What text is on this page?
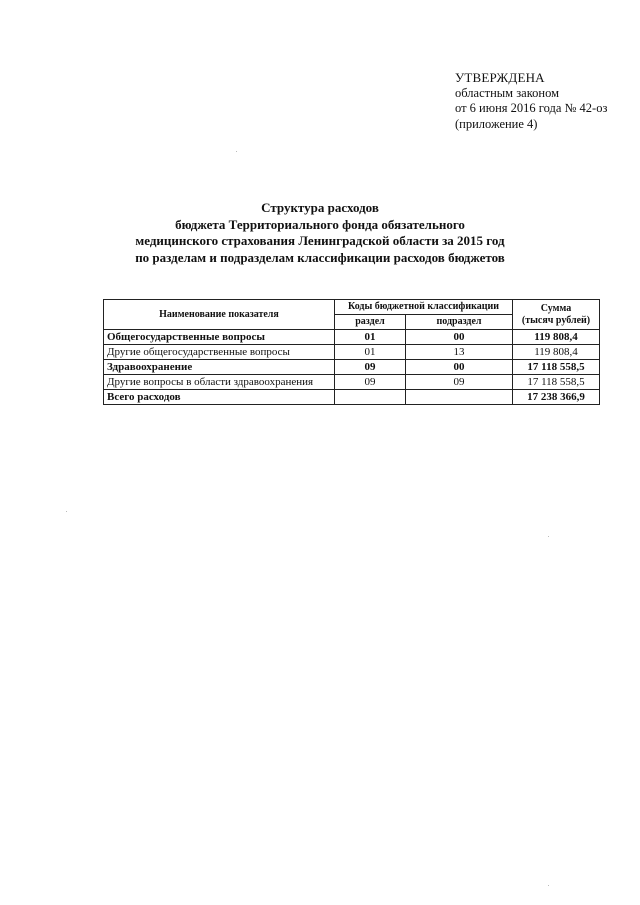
УТВЕРЖДЕНА
областным законом
от 6 июня 2016 года № 42-оз
(приложение 4)
Структура расходов
бюджета Территориального фонда обязательного
медицинского страхования Ленинградской области за 2015 год
по разделам и подразделам классификации расходов бюджетов
Наименование показателя	Коды бюджетной классификации		Сумма
(тысяч рублей)

	раздел	подраздел	
Общегосударственные вопросы	01	00	119 808,4
Другие общегосударственные вопросы	01	13	119 808,4
Здравоохранение	09	00	17 118 558,5
Другие вопросы в области здравоохранения	09	09	17 118 558,5
Всего расходов			17 238 366,9
